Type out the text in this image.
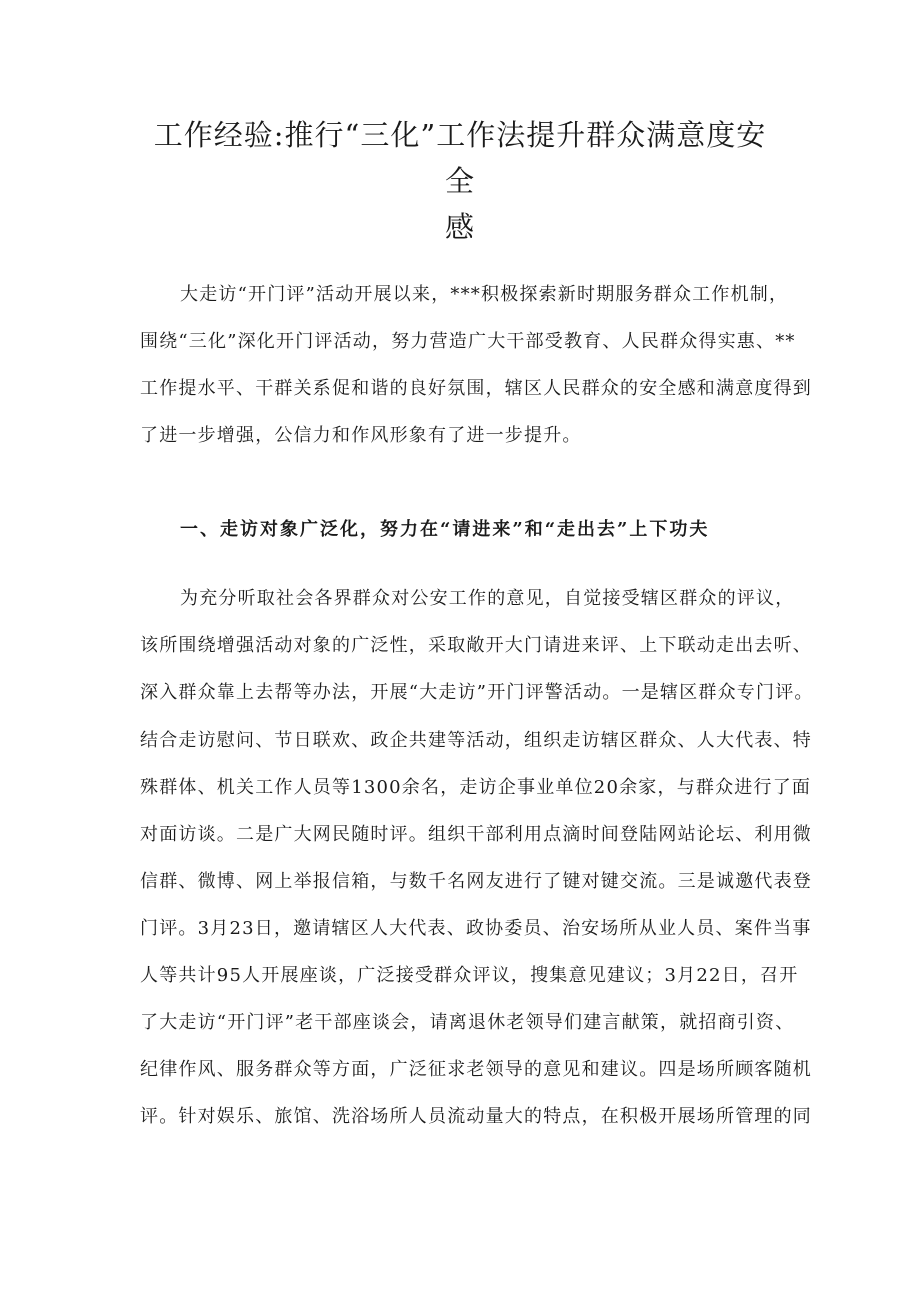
工作经验:推行“三化”工作法提升群众满意度安全
感

大走访“开门评”活动开展以来，***积极探索新时期服务群众工作机制，

围绕“三化”深化开门评活动，努力营造广大干部受教育、人民群众得实惠、**

工作提水平、干群关系促和谐的良好氛围，辖区人民群众的安全感和满意度得到

了进一步增强，公信力和作风形象有了进一步提升。

一、走访对象广泛化，努力在“请进来”和“走出去”上下功夫

为充分听取社会各界群众对公安工作的意见，自觉接受辖区群众的评议，

该所围绕增强活动对象的广泛性，采取敞开大门请进来评、上下联动走出去听、

深入群众靠上去帮等办法，开展“大走访”开门评警活动。一是辖区群众专门评。

结合走访慰问、节日联欢、政企共建等活动，组织走访辖区群众、人大代表、特

殊群体、机关工作人员等1300余名，走访企事业单位20余家，与群众进行了面

对面访谈。二是广大网民随时评。组织干部利用点滴时间登陆网站论坛、利用微

信群、微博、网上举报信箱，与数千名网友进行了键对键交流。三是诚邀代表登

门评。3月23日，邀请辖区人大代表、政协委员、治安场所从业人员、案件当事

人等共计95人开展座谈，广泛接受群众评议，搜集意见建议；3月22日，召开

了大走访“开门评”老干部座谈会，请离退休老领导们建言献策，就招商引资、

纪律作风、服务群众等方面，广泛征求老领导的意见和建议。四是场所顾客随机

评。针对娱乐、旅馆、洗浴场所人员流动量大的特点，在积极开展场所管理的同
